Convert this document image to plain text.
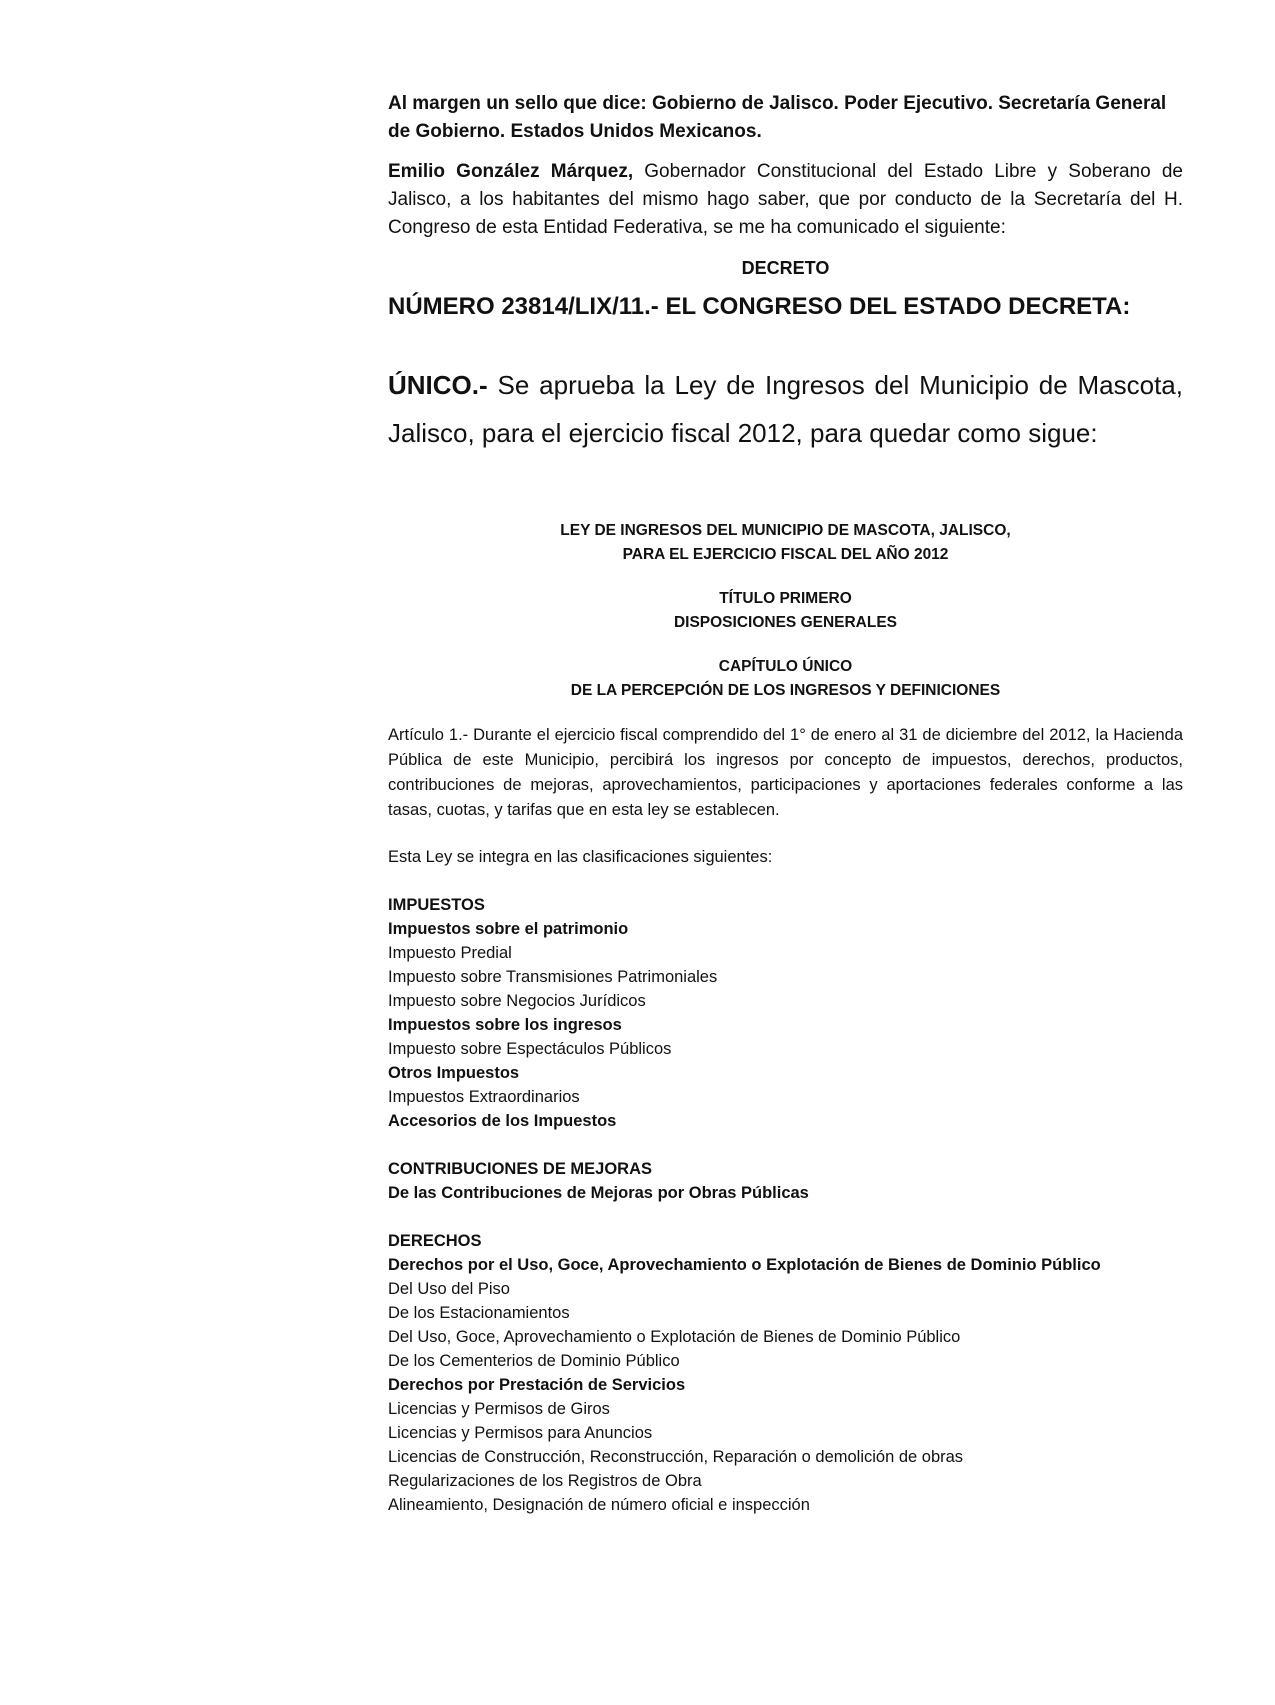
Al margen un sello que dice: Gobierno de Jalisco. Poder Ejecutivo. Secretaría General de Gobierno. Estados Unidos Mexicanos.

Emilio González Márquez, Gobernador Constitucional del Estado Libre y Soberano de Jalisco, a los habitantes del mismo hago saber, que por conducto de la Secretaría del H. Congreso de esta Entidad Federativa, se me ha comunicado el siguiente:

DECRETO

NÚMERO 23814/LIX/11.- EL CONGRESO DEL ESTADO DECRETA:

ÚNICO.- Se aprueba la Ley de Ingresos del Municipio de Mascota, Jalisco, para el ejercicio fiscal 2012, para quedar como sigue:

LEY DE INGRESOS DEL MUNICIPIO DE MASCOTA, JALISCO,
PARA EL EJERCICIO FISCAL DEL AÑO 2012

TÍTULO PRIMERO
DISPOSICIONES GENERALES

CAPÍTULO ÚNICO
DE LA PERCEPCIÓN DE LOS INGRESOS Y DEFINICIONES

Artículo 1.- Durante el ejercicio fiscal comprendido del 1° de enero al 31 de diciembre del 2012, la Hacienda Pública de este Municipio, percibirá los ingresos por concepto de impuestos, derechos, productos, contribuciones de mejoras, aprovechamientos, participaciones y aportaciones federales conforme a las tasas, cuotas, y tarifas que en esta ley se establecen.

Esta Ley se integra en las clasificaciones siguientes:

IMPUESTOS
Impuestos sobre el patrimonio
Impuesto Predial
Impuesto sobre Transmisiones Patrimoniales
Impuesto sobre Negocios Jurídicos
Impuestos sobre los ingresos
Impuesto sobre Espectáculos Públicos
Otros Impuestos
Impuestos Extraordinarios
Accesorios de los Impuestos
CONTRIBUCIONES DE MEJORAS
De las Contribuciones de Mejoras por Obras Públicas
DERECHOS
Derechos por el Uso, Goce, Aprovechamiento o Explotación de Bienes de Dominio Público
Del Uso del Piso
De los Estacionamientos
Del Uso, Goce, Aprovechamiento o Explotación de Bienes de Dominio Público
De los Cementerios de Dominio Público
Derechos por Prestación de Servicios
Licencias y Permisos de Giros
Licencias y Permisos para Anuncios
Licencias de Construcción, Reconstrucción, Reparación o demolición de obras
Regularizaciones de los Registros de Obra
Alineamiento, Designación de número oficial e inspección
